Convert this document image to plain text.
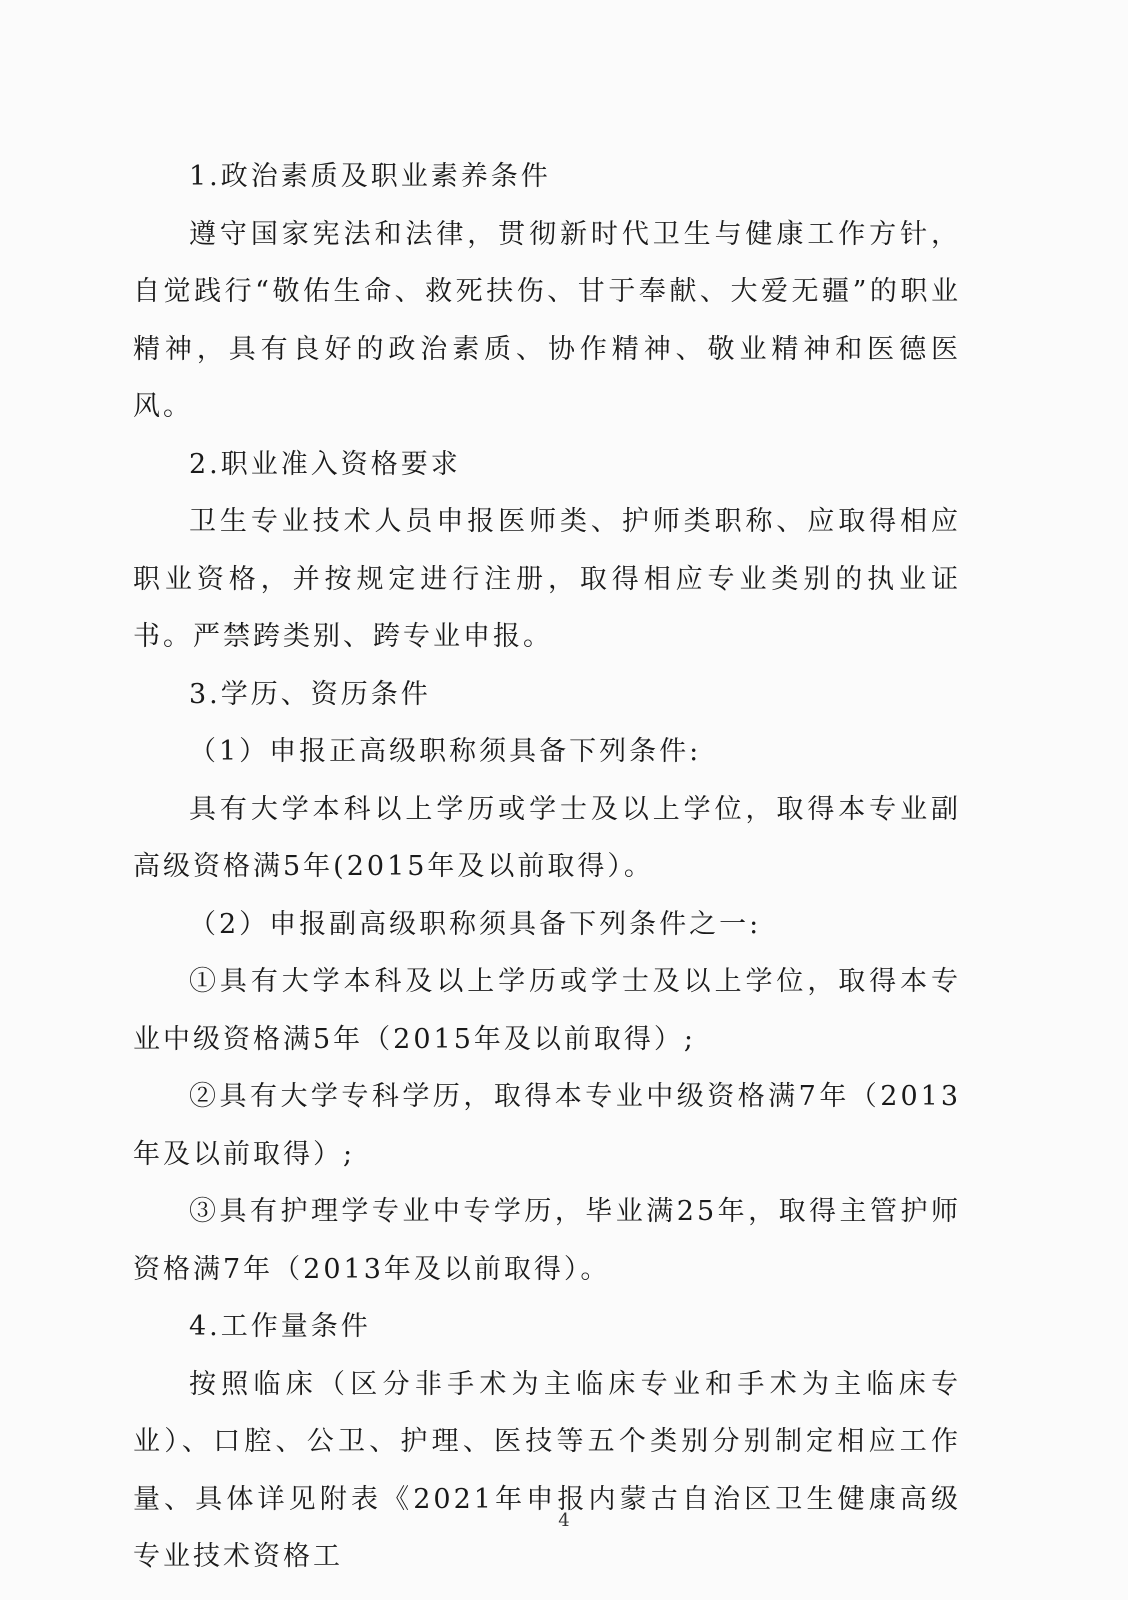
1.政治素质及职业素养条件

遵守国家宪法和法律，贯彻新时代卫生与健康工作方针，自觉践行“敬佑生命、救死扶伤、甘于奉献、大爱无疆”的职业精神，具有良好的政治素质、协作精神、敬业精神和医德医风。

2.职业准入资格要求

卫生专业技术人员申报医师类、护师类职称、应取得相应职业资格，并按规定进行注册，取得相应专业类别的执业证书。严禁跨类别、跨专业申报。

3.学历、资历条件

（1）申报正高级职称须具备下列条件:

具有大学本科以上学历或学士及以上学位，取得本专业副高级资格满5年(2015年及以前取得）。

（2）申报副高级职称须具备下列条件之一:

①具有大学本科及以上学历或学士及以上学位，取得本专业中级资格满5年（2015年及以前取得）;

②具有大学专科学历，取得本专业中级资格满7年（2013年及以前取得）;

③具有护理学专业中专学历，毕业满25年，取得主管护师资格满7年（2013年及以前取得）。

4.工作量条件

按照临床（区分非手术为主临床专业和手术为主临床专业）、口腔、公卫、护理、医技等五个类别分别制定相应工作量、具体详见附表《2021年申报内蒙古自治区卫生健康高级专业技术资格工

4
